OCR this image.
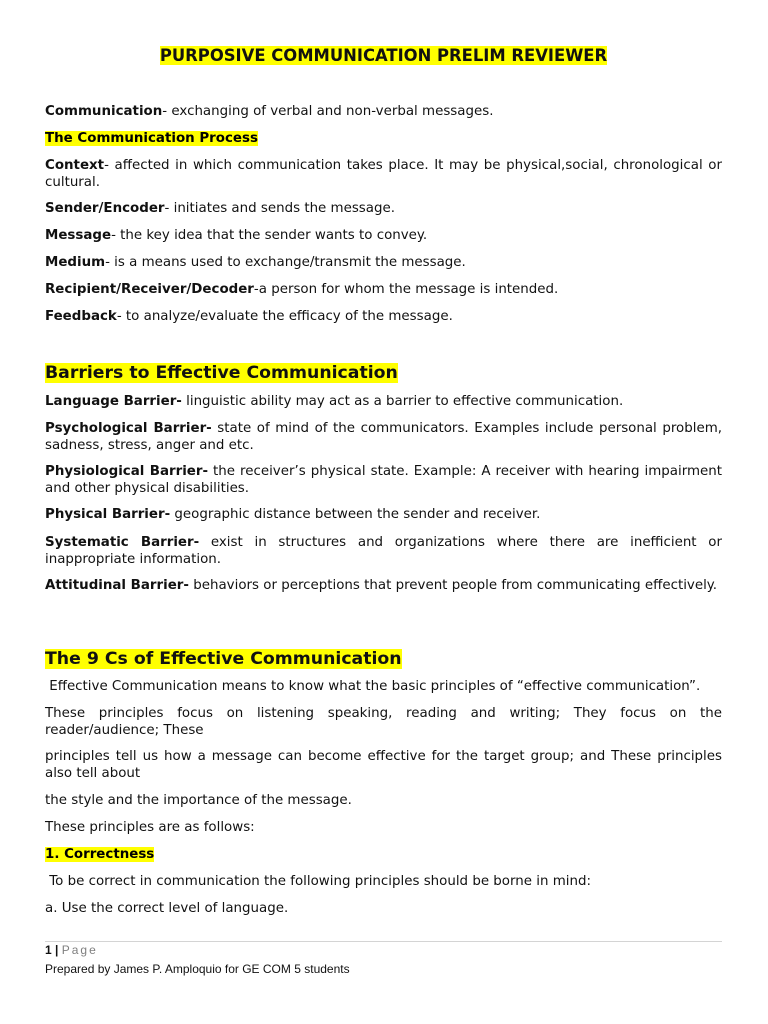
PURPOSIVE COMMUNICATION PRELIM REVIEWER

Communication- exchanging of verbal and non-verbal messages.

The Communication Process

Context- affected in which communication takes place. It may be physical,social, chronological or cultural.

Sender/Encoder- initiates and sends the message.

Message- the key idea that the sender wants to convey.

Medium- is a means used to exchange/transmit the message.

Recipient/Receiver/Decoder-a person for whom the message is intended.

Feedback- to analyze/evaluate the efficacy of the message.

Barriers to Effective Communication

Language Barrier- linguistic ability may act as a barrier to effective communication.

Psychological Barrier- state of mind of the communicators. Examples include personal problem, sadness, stress, anger and etc.

Physiological Barrier- the receiver’s physical state. Example: A receiver with hearing impairment and other physical disabilities.

Physical Barrier- geographic distance between the sender and receiver.

Systematic Barrier- exist in structures and organizations where there are inefficient or inappropriate information.

Attitudinal Barrier- behaviors or perceptions that prevent people from communicating effectively.

The 9 Cs of Effective Communication

Effective Communication means to know what the basic principles of “effective communication”.

These principles focus on listening speaking, reading and writing; They focus on the reader/audience; These

principles tell us how a message can become effective for the target group; and These principles also tell about

the style and the importance of the message.

These principles are as follows:

1. Correctness

To be correct in communication the following principles should be borne in mind:

a. Use the correct level of language.

1 | Page
Prepared by James P. Amploquio for GE COM 5 students
